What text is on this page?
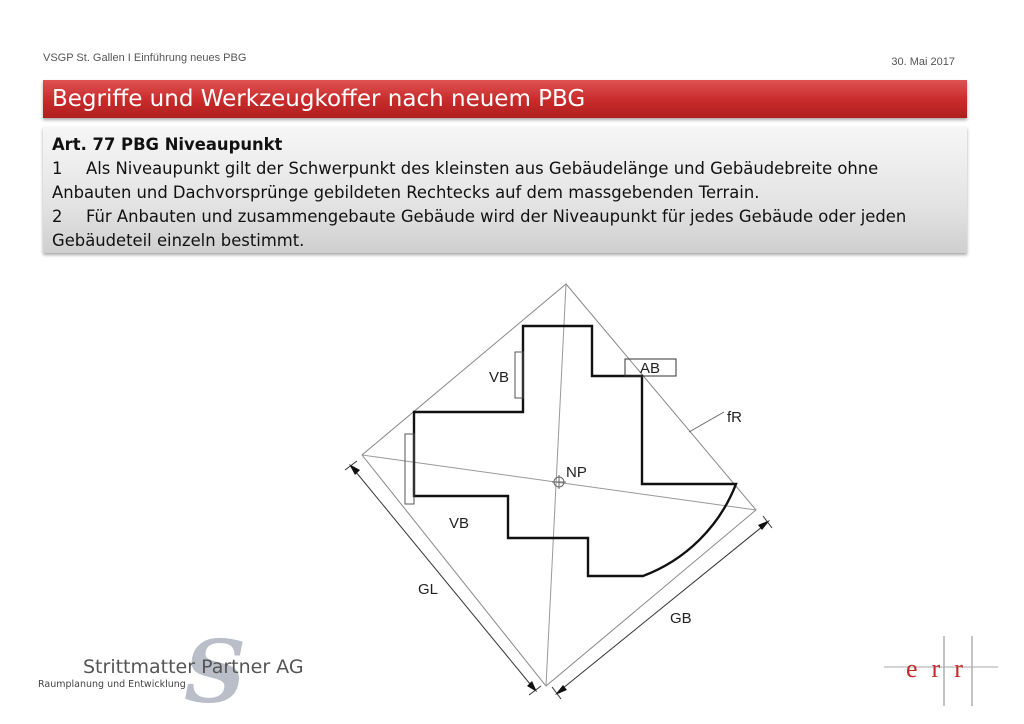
VSGP St. Gallen I Einführung neues PBG	30. Mai 2017
Begriffe und Werkzeugkoffer nach neuem PBG
Art. 77 PBG Niveaupunkt
1 Als Niveaupunkt gilt der Schwerpunkt des kleinsten aus Gebäudelänge und Gebäudebreite ohne Anbauten und Dachvorsprünge gebildeten Rechtecks auf dem massgebenden Terrain.
2 Für Anbauten und zusammengebaute Gebäude wird der Niveaupunkt für jedes Gebäude oder jeden Gebäudeteil einzeln bestimmt.
VB
AB
fR
NP
VB
GL
GB
S
Strittmatter Partner AG
Raumplanung und Entwicklung
err
